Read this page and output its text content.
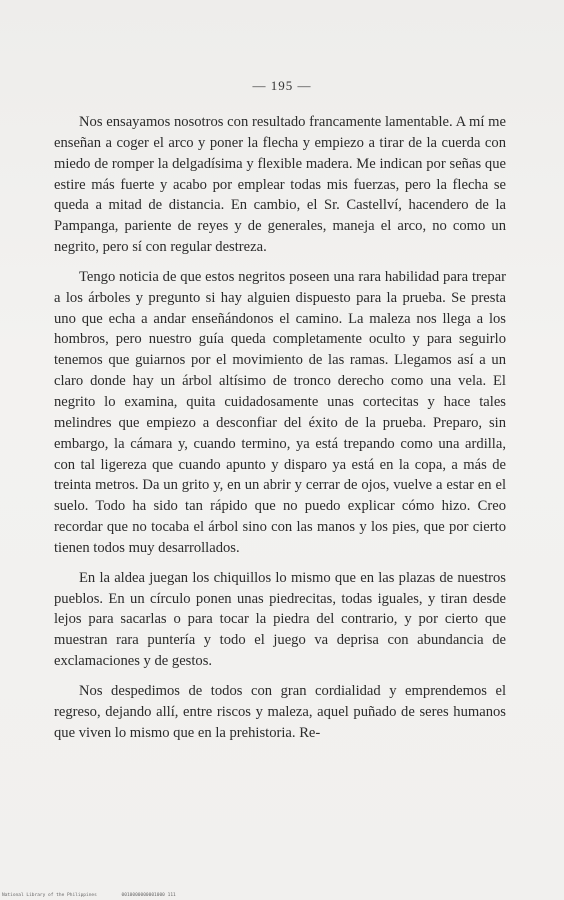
— 195 —

Nos ensayamos nosotros con resultado francamente lamentable. A mí me enseñan a coger el arco y poner la flecha y empiezo a tirar de la cuerda con miedo de romper la delgadísima y flexible madera. Me indican por señas que estire más fuerte y acabo por emplear todas mis fuerzas, pero la flecha se queda a mitad de distancia. En cambio, el Sr. Castellví, hacendero de la Pampanga, pariente de reyes y de generales, maneja el arco, no como un negrito, pero sí con regular destreza.

Tengo noticia de que estos negritos poseen una rara habilidad para trepar a los árboles y pregunto si hay alguien dispuesto para la prueba. Se presta uno que echa a andar enseñándonos el camino. La maleza nos llega a los hombros, pero nuestro guía queda completamente oculto y para seguirlo tenemos que guiarnos por el movimiento de las ramas. Llegamos así a un claro donde hay un árbol altísimo de tronco derecho como una vela. El negrito lo examina, quita cuidadosamente unas cortecitas y hace tales melindres que empiezo a desconfiar del éxito de la prueba. Preparo, sin embargo, la cámara y, cuando termino, ya está trepando como una ardilla, con tal ligereza que cuando apunto y disparo ya está en la copa, a más de treinta metros. Da un grito y, en un abrir y cerrar de ojos, vuelve a estar en el suelo. Todo ha sido tan rápido que no puedo explicar cómo hizo. Creo recordar que no tocaba el árbol sino con las manos y los pies, que por cierto tienen todos muy desarrollados.

En la aldea juegan los chiquillos lo mismo que en las plazas de nuestros pueblos. En un círculo ponen unas piedrecitas, todas iguales, y tiran desde lejos para sacarlas o para tocar la piedra del contrario, y por cierto que muestran rara puntería y todo el juego va deprisa con abundancia de exclamaciones y de gestos.

Nos despedimos de todos con gran cordialidad y emprendemos el regreso, dejando allí, entre riscos y maleza, aquel puñado de seres humanos que viven lo mismo que en la prehistoria. Re-

National Library of the Philippines	0010000000001000 111
